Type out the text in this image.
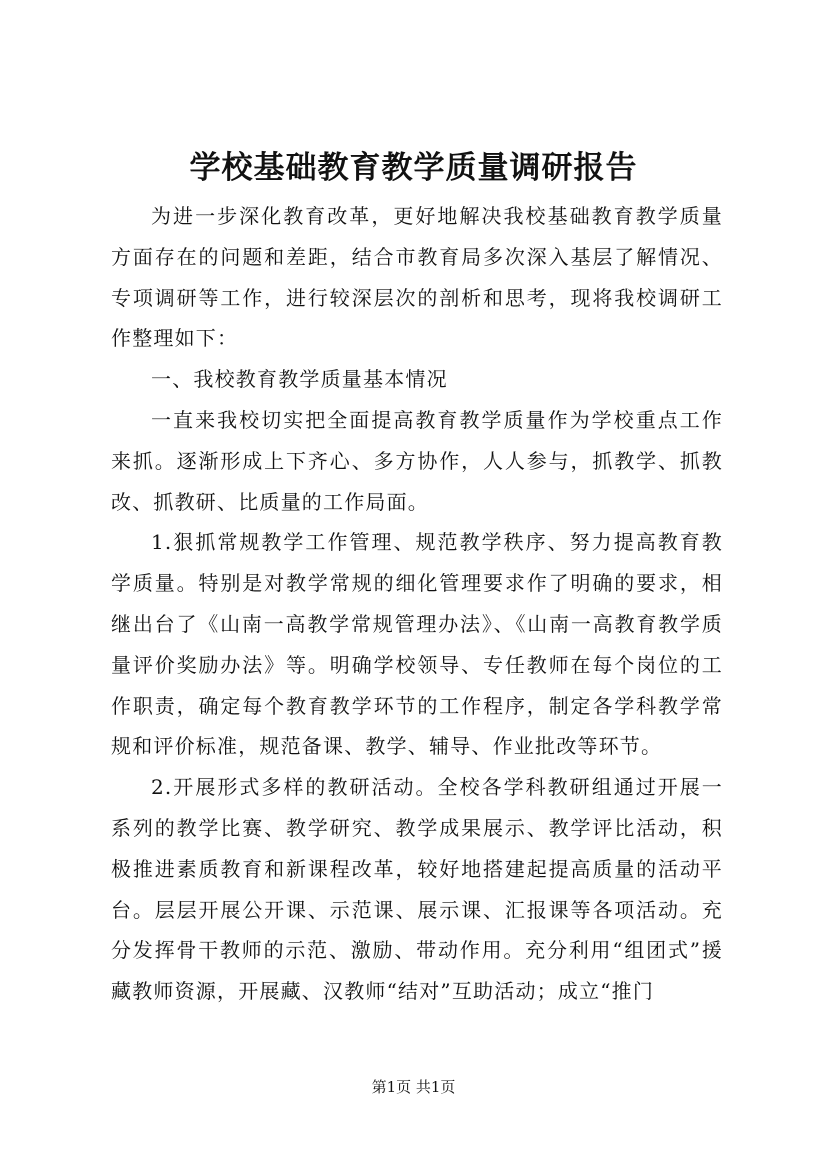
学校基础教育教学质量调研报告

为进一步深化教育改革，更好地解决我校基础教育教学质量方面存在的问题和差距，结合市教育局多次深入基层了解情况、专项调研等工作，进行较深层次的剖析和思考，现将我校调研工作整理如下：

一、我校教育教学质量基本情况

一直来我校切实把全面提高教育教学质量作为学校重点工作来抓。逐渐形成上下齐心、多方协作，人人参与，抓教学、抓教改、抓教研、比质量的工作局面。

1.狠抓常规教学工作管理、规范教学秩序、努力提高教育教学质量。特别是对教学常规的细化管理要求作了明确的要求，相继出台了《山南一高教学常规管理办法》、《山南一高教育教学质量评价奖励办法》等。明确学校领导、专任教师在每个岗位的工作职责，确定每个教育教学环节的工作程序，制定各学科教学常规和评价标准，规范备课、教学、辅导、作业批改等环节。

2.开展形式多样的教研活动。全校各学科教研组通过开展一系列的教学比赛、教学研究、教学成果展示、教学评比活动，积极推进素质教育和新课程改革，较好地搭建起提高质量的活动平台。层层开展公开课、示范课、展示课、汇报课等各项活动。充分发挥骨干教师的示范、激励、带动作用。充分利用“组团式”援藏教师资源，开展藏、汉教师“结对”互助活动；成立“推门

第1页 共1页
